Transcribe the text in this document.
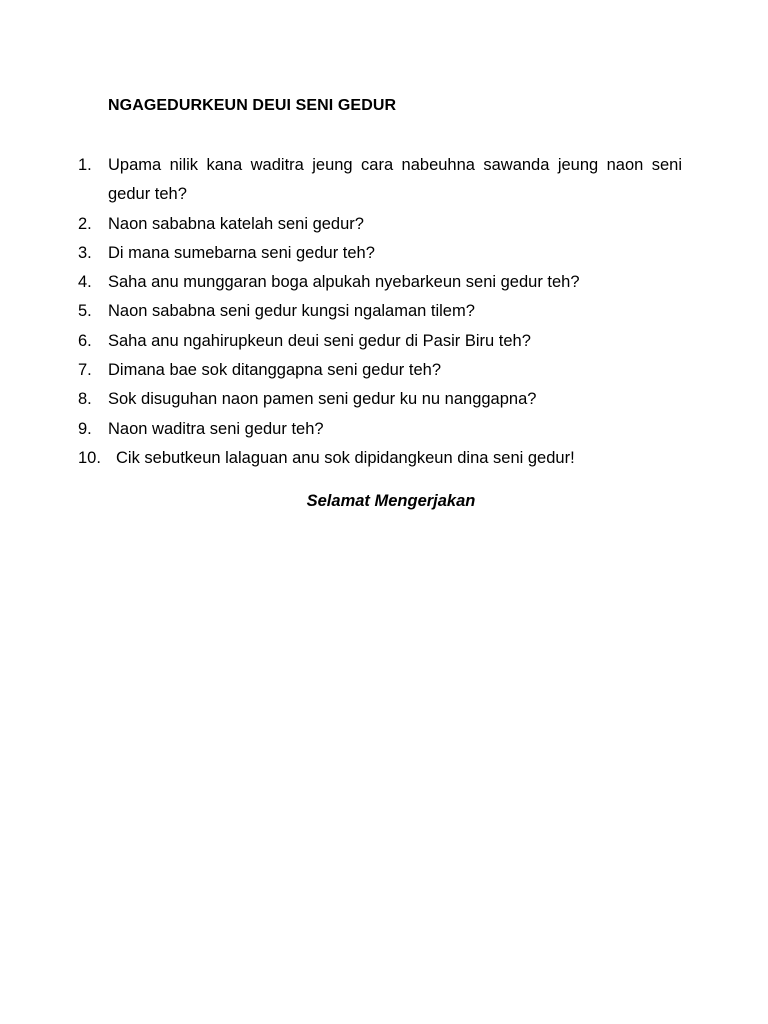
NGAGEDURKEUN DEUI SENI GEDUR
1. Upama nilik kana waditra jeung cara nabeuhna sawanda jeung naon seni gedur teh?
2. Naon sababna katelah seni gedur?
3. Di mana sumebarna seni gedur teh?
4. Saha anu munggaran boga alpukah nyebarkeun seni gedur teh?
5. Naon sababna seni gedur kungsi ngalaman tilem?
6. Saha anu ngahirupkeun deui seni gedur di Pasir Biru teh?
7. Dimana bae sok ditanggapna seni gedur teh?
8. Sok disuguhan naon pamen seni gedur ku nu nanggapna?
9. Naon waditra seni gedur teh?
10. Cik sebutkeun lalaguan anu sok dipidangkeun dina seni gedur!
Selamat Mengerjakan
